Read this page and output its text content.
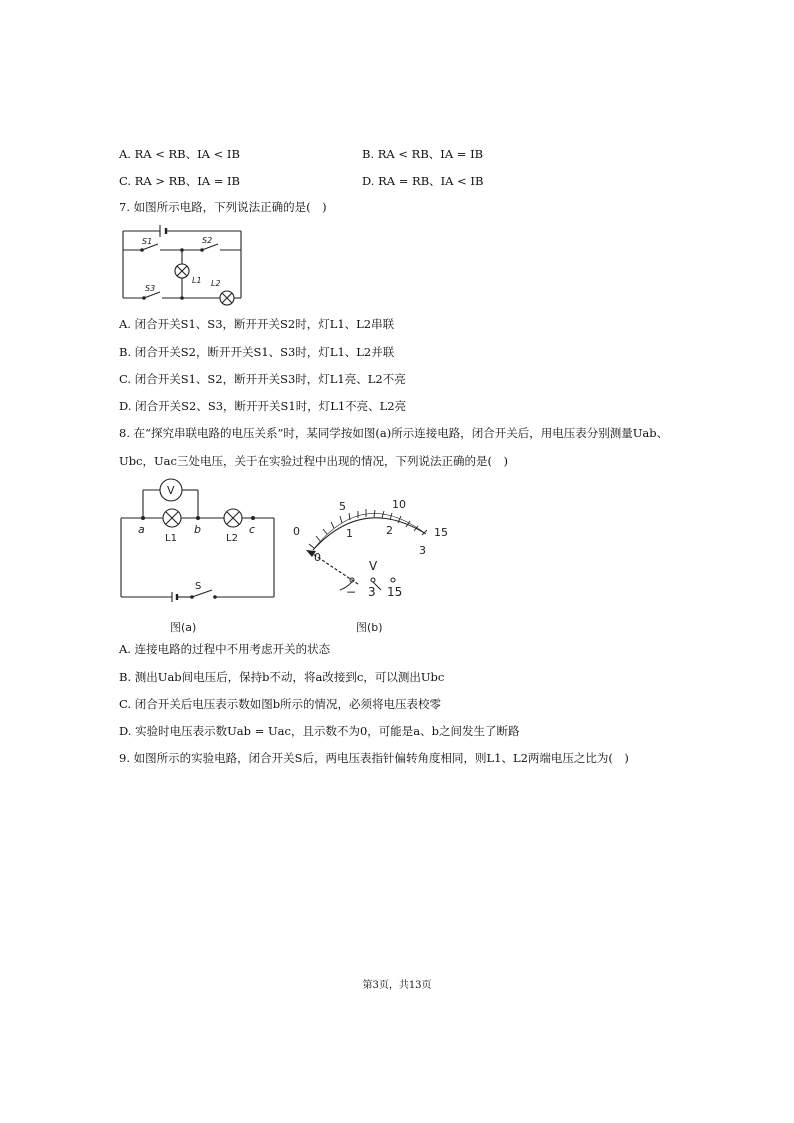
A. RA < RB、IA < IB	B. RA < RB、IA = IB
C. RA > RB、IA = IB	D. RA = RB、IA < IB
7. 如图所示电路，下列说法正确的是(　)
S1	S2
S3
L1 L2
A. 闭合开关S1、S3，断开开关S2时，灯L1、L2串联
B. 闭合开关S2，断开开关S1、S3时，灯L1、L2并联
C. 闭合开关S1、S2，断开开关S3时，灯L1亮、L2不亮
D. 闭合开关S2、S3，断开开关S1时，灯L1不亮、L2亮
8. 在“探究串联电路的电压关系”时，某同学按如图(a)所示连接电路，闭合开关后，用电压表分别测量Uab、
Ubc，Uac三处电压，关于在实验过程中出现的情况，下列说法正确的是(　)
V
a	b	c
L1	L2
S
图(a)
0
5	10
15
0
1	2
3
V
− 3 15
图(b)
A. 连接电路的过程中不用考虑开关的状态
B. 测出Uab间电压后，保持b不动，将a改接到c，可以测出Ubc
C. 闭合开关后电压表示数如图b所示的情况，必须将电压表校零
D. 实验时电压表示数Uab = Uac，且示数不为0，可能是a、b之间发生了断路
9. 如图所示的实验电路，闭合开关S后，两电压表指针偏转角度相同，则L1、L2两端电压之比为(　)
第3页，共13页
